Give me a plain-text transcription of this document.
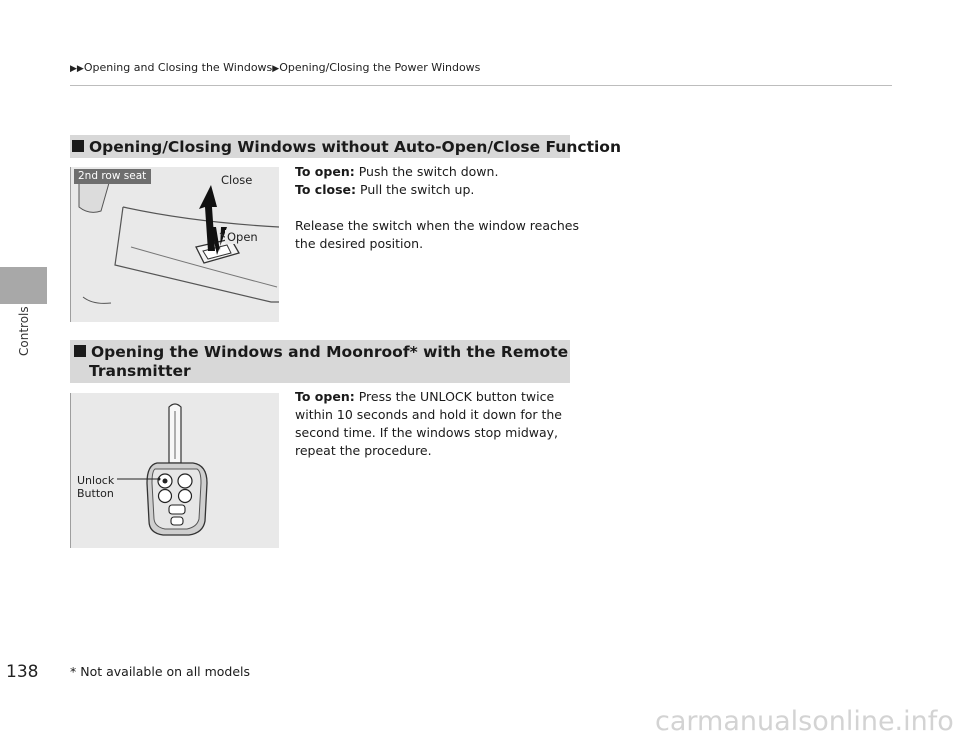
Controls
138
▶▶Opening and Closing the Windows▶Opening/Closing the Power Windows
Opening/Closing Windows without Auto-Open/Close Function
2nd row seat	Close
Open
To open: Push the switch down.
To close: Pull the switch up.
Release the switch when the window reaches the desired position.
Opening the Windows and Moonroof* with the Remote
Transmitter
Unlock
Button
To open: Press the UNLOCK button twice within 10 seconds and hold it down for the second time. If the windows stop midway, repeat the procedure.
* Not available on all models
carmanualsonline.info
